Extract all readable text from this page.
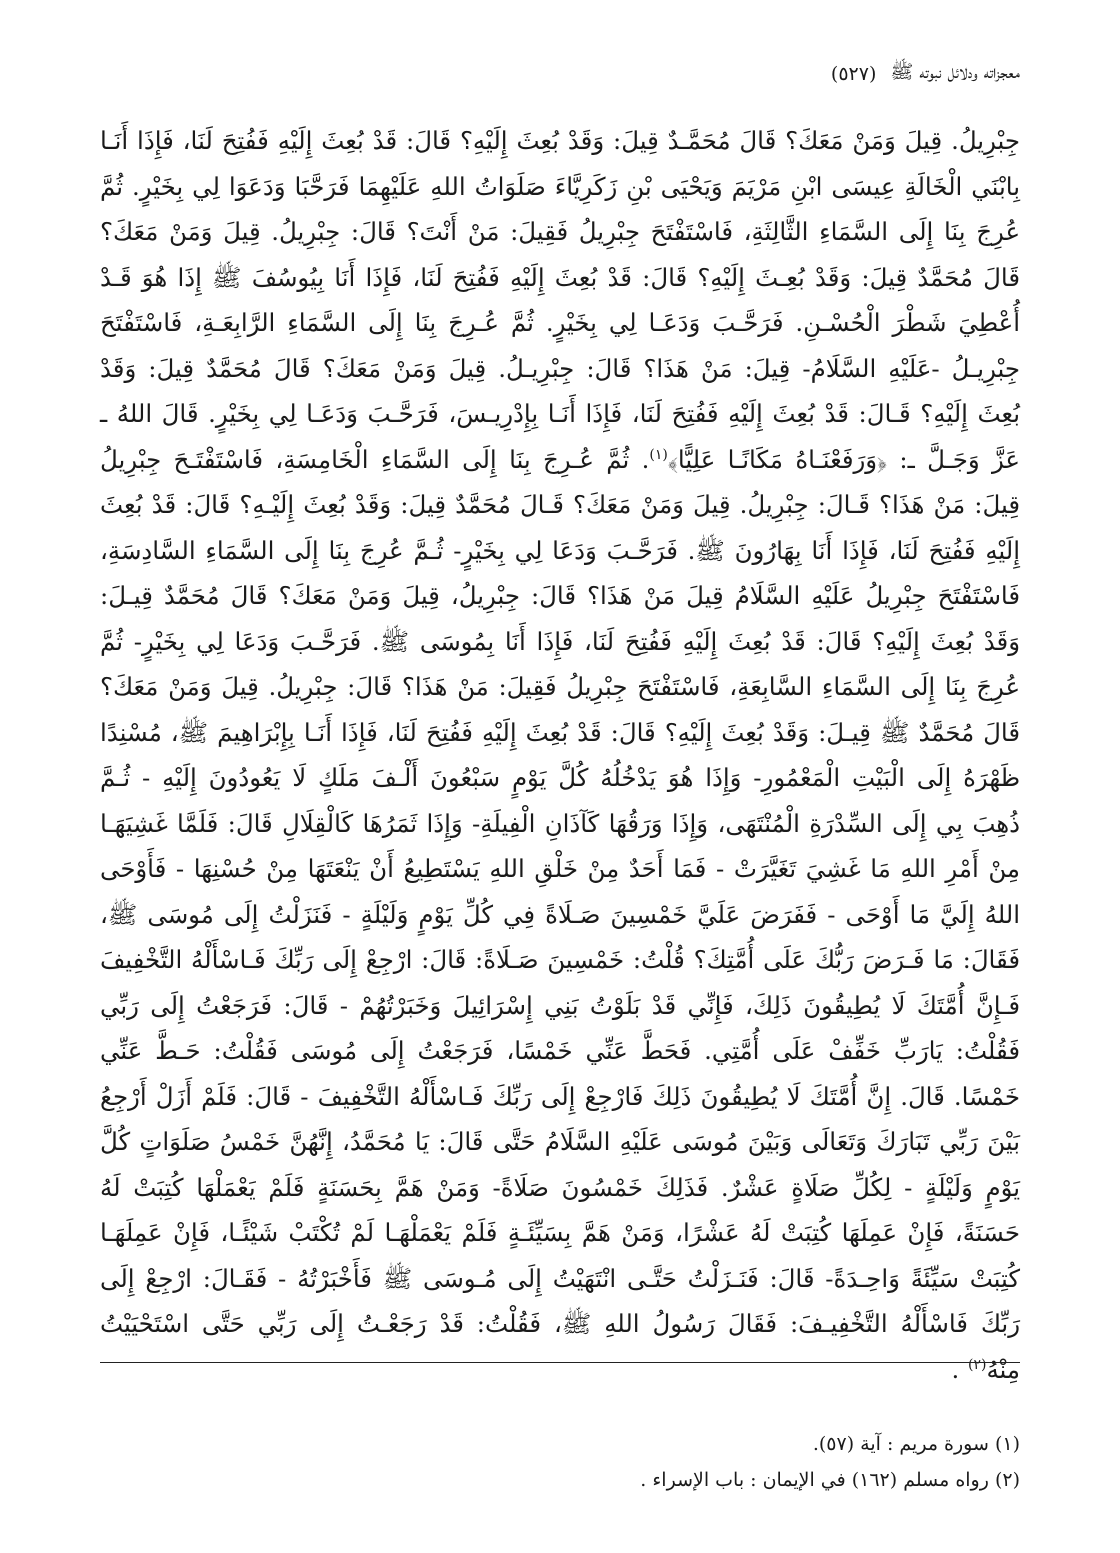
معجزاته ودلائل نبوته ﷺ
(٥٢٧)
جِبْرِيلُ. قِيلَ وَمَنْ مَعَكَ؟ قَالَ مُحَمَّـدٌ قِيلَ: وَقَدْ بُعِثَ إِلَيْهِ؟ قَالَ: قَدْ بُعِثَ إِلَيْهِ فَفُتِحَ لَنَا، فَإِذَا أَنَـا بِابْنَي الْخَالَةِ عِيسَى ابْنِ مَرْيَمَ وَيَحْيَى بْنِ زَكَرِيَّاءَ صَلَوَاتُ اللهِ عَلَيْهِمَا فَرَحَّبَا وَدَعَوَا لِي بِخَيْرٍ. ثُمَّ عُرِجَ بِنَا إِلَى السَّمَاءِ الثَّالِثَةِ، فَاسْتَفْتَحَ جِبْرِيلُ فَقِيلَ: مَنْ أَنْتَ؟ قَالَ: جِبْرِيلُ. قِيلَ وَمَنْ مَعَكَ؟ قَالَ مُحَمَّدٌ قِيلَ: وَقَدْ بُعِـثَ إِلَيْهِ؟ قَالَ: قَدْ بُعِثَ إِلَيْهِ فَفُتِحَ لَنَا، فَإِذَا أَنَا بِيُوسُفَ ﷺ إِذَا هُوَ قَـدْ أُعْطِيَ شَطْرَ الْحُسْـنِ. فَرَحَّـبَ وَدَعَـا لِي بِخَيْرٍ. ثُمَّ عُـرِجَ بِنَا إِلَى السَّمَاءِ الرَّابِعَـةِ، فَاسْتَفْتَحَ جِبْرِيـلُ -عَلَيْهِ السَّلَامُ- قِيلَ: مَنْ هَذَا؟ قَالَ: جِبْرِيـلُ. قِيلَ وَمَنْ مَعَكَ؟ قَالَ مُحَمَّدٌ قِيلَ: وَقَدْ بُعِثَ إِلَيْهِ؟ قَـالَ: قَدْ بُعِثَ إِلَيْهِ فَفُتِحَ لَنَا، فَإِذَا أَنَـا بِإِدْرِيـسَ، فَرَحَّـبَ وَدَعَـا لِي بِخَيْرٍ. قَالَ اللهُ ـ عَزَّ وَجَـلَّ ـ: ﴿وَرَفَعْنَـاهُ مَكَانًـا عَلِيًّا﴾$^{(١)}$. ثُمَّ عُـرِجَ بِنَا إِلَى السَّمَاءِ الْخَامِسَةِ، فَاسْتَفْتَـحَ جِبْرِيلُ قِيلَ: مَنْ هَذَا؟ قَـالَ: جِبْرِيلُ. قِيلَ وَمَنْ مَعَكَ؟ قَـالَ مُحَمَّدٌ قِيلَ: وَقَدْ بُعِثَ إِلَيْـهِ؟ قَالَ: قَدْ بُعِثَ إِلَيْهِ فَفُتِحَ لَنَا، فَإِذَا أَنَا بِهَارُونَ ﷺ. فَرَحَّـبَ وَدَعَا لِي بِخَيْرٍ- ثُـمَّ عُرِجَ بِنَا إِلَى السَّمَاءِ السَّادِسَةِ، فَاسْتَفْتَحَ جِبْرِيلُ عَلَيْهِ السَّلَامُ قِيلَ مَنْ هَذَا؟ قَالَ: جِبْرِيلُ، قِيلَ وَمَنْ مَعَكَ؟ قَالَ مُحَمَّدٌ قِيـلَ: وَقَدْ بُعِثَ إِلَيْهِ؟ قَالَ: قَدْ بُعِثَ إِلَيْهِ فَفُتِحَ لَنَا، فَإِذَا أَنَا بِمُوسَى ﷺ. فَرَحَّـبَ وَدَعَا لِي بِخَيْرٍ- ثُمَّ عُرِجَ بِنَا إِلَى السَّمَاءِ السَّابِعَةِ، فَاسْتَفْتَحَ جِبْرِيلُ فَقِيلَ: مَنْ هَذَا؟ قَالَ: جِبْرِيلُ. قِيلَ وَمَنْ مَعَكَ؟ قَالَ مُحَمَّدٌ ﷺ قِيـلَ: وَقَدْ بُعِثَ إِلَيْهِ؟ قَالَ: قَدْ بُعِثَ إِلَيْهِ فَفُتِحَ لَنَا، فَإِذَا أَنَـا بِإِبْرَاهِيمَ ﷺ، مُسْنِدًا ظَهْرَهُ إِلَى الْبَيْتِ الْمَعْمُورِ- وَإِذَا هُوَ يَدْخُلُهُ كُلَّ يَوْمٍ سَبْعُونَ أَلْـفَ مَلَكٍ لَا يَعُودُونَ إِلَيْهِ - ثُـمَّ ذُهِبَ بِي إِلَى السِّدْرَةِ الْمُنْتَهَى، وَإِذَا وَرَقُهَا كَآذَانِ الْفِيلَةِ- وَإِذَا ثَمَرُهَا كَالْقِلَالِ قَالَ: فَلَمَّا غَشِيَهَـا مِنْ أَمْرِ اللهِ مَا غَشِيَ تَغَيَّرَتْ - فَمَا أَحَدٌ مِنْ خَلْقِ اللهِ يَسْتَطِيعُ أَنْ يَنْعَتَهَا مِنْ حُسْنِهَا - فَأَوْحَى اللهُ إِلَيَّ مَا أَوْحَى - فَفَرَضَ عَلَيَّ خَمْسِينَ صَـلَاةً فِي كُلِّ يَوْمٍ وَلَيْلَةٍ - فَنَزَلْتُ إِلَى مُوسَى ﷺ، فَقَالَ: مَا فَـرَضَ رَبُّكَ عَلَى أُمَّتِكَ؟ قُلْتُ: خَمْسِينَ صَـلَاةً: قَالَ: ارْجِعْ إِلَى رَبِّكَ فَـاسْأَلْهُ التَّخْفِيفَ فَـإِنَّ أُمَّتَكَ لَا يُطِيقُونَ ذَلِكَ، فَإِنِّي قَدْ بَلَوْتُ بَنِي إِسْرَائِيلَ وَخَبَرْتُهُمْ - قَالَ: فَرَجَعْتُ إِلَى رَبِّي فَقُلْتُ: يَارَبِّ خَفِّفْ عَلَى أُمَّتِي. فَحَطَّ عَنِّي خَمْسًا، فَرَجَعْتُ إِلَى مُوسَى فَقُلْتُ: حَـطَّ عَنِّي خَمْسًا. قَالَ. إِنَّ أُمَّتَكَ لَا يُطِيقُونَ ذَلِكَ فَارْجِعْ إِلَى رَبِّكَ فَـاسْأَلْهُ التَّخْفِيفَ - قَالَ: فَلَمْ أَزَلْ أَرْجِعُ بَيْنَ رَبِّي تَبَارَكَ وَتَعَالَى وَبَيْنَ مُوسَى عَلَيْهِ السَّلَامُ حَتَّى قَالَ: يَا مُحَمَّدُ، إِنَّهُنَّ خَمْسُ صَلَوَاتٍ كُلَّ يَوْمٍ وَلَيْلَةٍ - لِكُلِّ صَلَاةٍ عَشْرٌ. فَذَلِكَ خَمْسُونَ صَلَاةً- وَمَنْ هَمَّ بِحَسَنَةٍ فَلَمْ يَعْمَلْهَا كُتِبَتْ لَهُ حَسَنَةً، فَإِنْ عَمِلَهَا كُتِبَتْ لَهُ عَشْرًا، وَمَنْ هَمَّ بِسَيِّئَـةٍ فَلَمْ يَعْمَلْهَـا لَمْ تُكْتَبْ شَيْئًـا، فَإِنْ عَمِلَهَـا كُتِبَتْ سَيِّئَةً وَاحِـدَةً- قَالَ: فَنَـزَلْتُ حَتَّـى انْتَهَيْتُ إِلَى مُـوسَى ﷺ فَأَخْبَرْتُهُ - فَقَـالَ: ارْجِعْ إِلَى رَبِّكَ فَاسْأَلْهُ التَّخْفِيـفَ: فَقَالَ رَسُولُ اللهِ ﷺ، فَقُلْتُ: قَدْ رَجَعْـتُ إِلَى رَبِّي حَتَّى اسْتَحْيَيْتُ مِنْهُ$^{(٢)}$ .
(١) سورة مريم : آية (٥٧).
(٢) رواه مسلم (١٦٢) في الإيمان : باب الإسراء .
